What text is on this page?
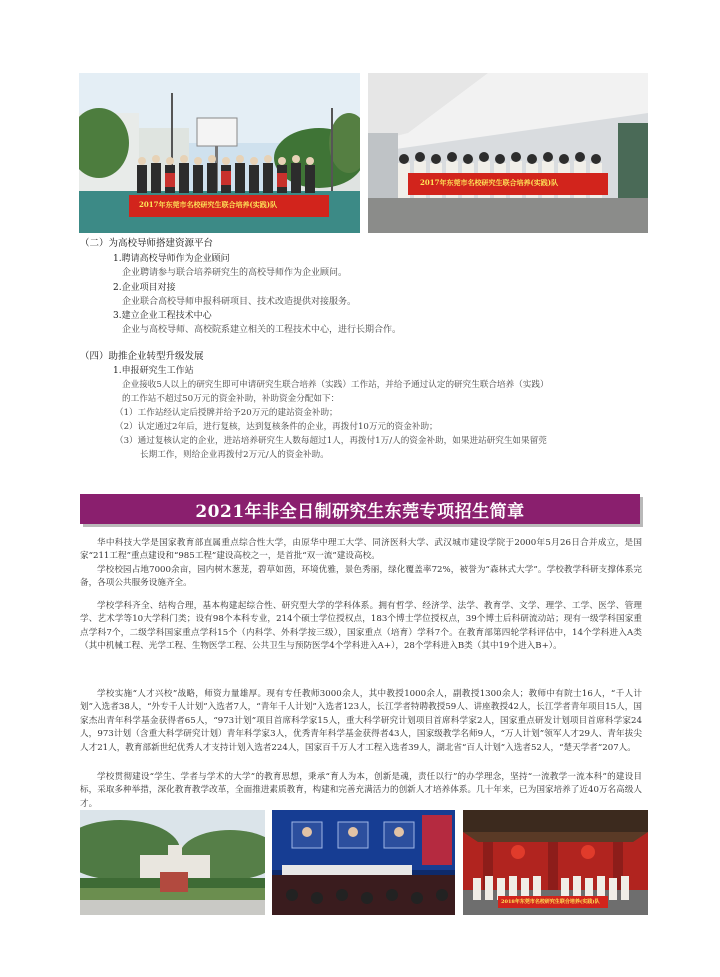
2017年东莞市名校研究生联合培养(实践)队
2017年东莞市名校研究生联合培养(实践)队
（二）为高校导师搭建资源平台
1.聘请高校导师作为企业顾问
企业聘请参与联合培养研究生的高校导师作为企业顾问。
2.企业项目对接
企业联合高校导师申报科研项目、技术改造提供对接服务。
3.建立企业工程技术中心
企业与高校导师、高校院系建立相关的工程技术中心，进行长期合作。
（四）助推企业转型升级发展
1.申报研究生工作站
企业接收5人以上的研究生即可申请研究生联合培养（实践）工作站，并给予通过认定的研究生联合培养（实践）
的工作站不超过50万元的资金补助，补助资金分配如下：
（1）工作站经认定后授牌并给予20万元的建站资金补助；
（2）认定通过2年后，进行复核，达到复核条件的企业，再拨付10万元的资金补助；
（3）通过复核认定的企业，进站培养研究生人数每超过1人，再拨付1万/人的资金补助，如果进站研究生如果留莞
长期工作，则给企业再拨付2万元/人的资金补助。
2021年非全日制研究生东莞专项招生简章
华中科技大学是国家教育部直属重点综合性大学，由原华中理工大学、同济医科大学、武汉城市建设学院于2000年5月26日合并成立，是国家“211工程”重点建设和“985工程”建设高校之一，是首批“双一流”建设高校。
学校校园占地7000余亩，园内树木葱茏，碧草如茵，环境优雅，景色秀丽，绿化覆盖率72%，被誉为“森林式大学”。学校教学科研支撑体系完备，各项公共服务设施齐全。
学校学科齐全、结构合理，基本构建起综合性、研究型大学的学科体系。拥有哲学、经济学、法学、教育学、文学、理学、工学、医学、管理学、艺术学等10大学科门类；设有98个本科专业，214个硕士学位授权点，183个博士学位授权点，39个博士后科研流动站；现有一级学科国家重点学科7个，二级学科国家重点学科15个（内科学、外科学按三级），国家重点（培育）学科7个。在教育部第四轮学科评估中，14个学科进入A类（其中机械工程、光学工程、生物医学工程、公共卫生与预防医学4个学科进入A+），28个学科进入B类（其中19个进入B+）。
学校实施“人才兴校”战略，师资力量雄厚。现有专任教师3000余人，其中教授1000余人，副教授1300余人；教师中有院士16人，“千人计划”入选者38人，“外专千人计划”入选者7人，“青年千人计划”入选者123人，长江学者特聘教授59人、讲座教授42人，长江学者青年项目15人，国家杰出青年科学基金获得者65人，“973计划”项目首席科学家15人，重大科学研究计划项目首席科学家2人，国家重点研发计划项目首席科学家24人，973计划（含重大科学研究计划）青年科学家3人，优秀青年科学基金获得者43人，国家级教学名师9人，“万人计划”领军人才29人、青年拔尖人才21人，教育部新世纪优秀人才支持计划入选者224人，国家百千万人才工程入选者39人，湖北省“百人计划”入选者52人，“楚天学者”207人。
学校贯彻建设“学生、学者与学术的大学”的教育思想，秉承“育人为本，创新是魂，责任以行”的办学理念，坚持“一流教学一流本科”的建设目标，采取多种举措，深化教育教学改革，全面推进素质教育，构建和完善充满活力的创新人才培养体系。几十年来，已为国家培养了近40万名高级人才。
2018年东莞市名校研究生联合培养(实践)队
